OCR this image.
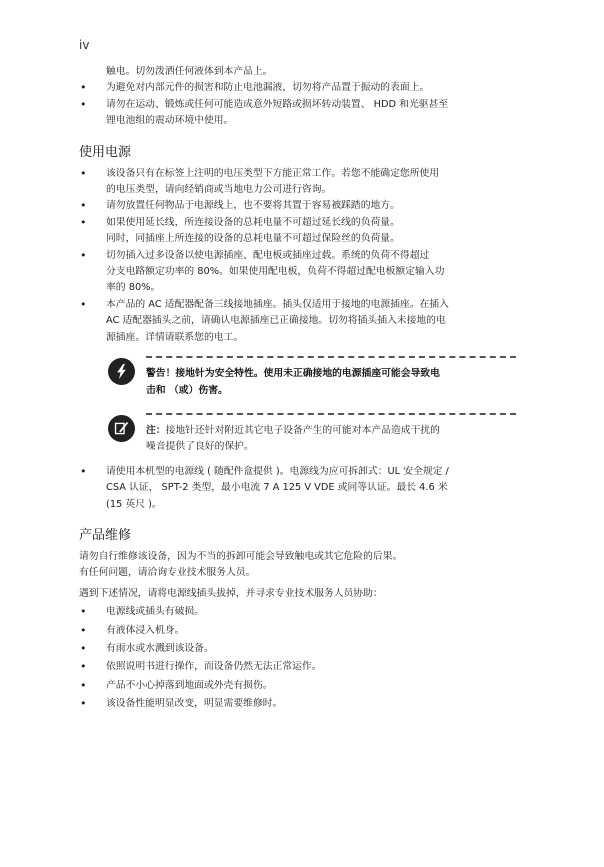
iv
触电。切勿泼洒任何液体到本产品上。
• 为避免对内部元件的损害和防止电池漏液，切勿将产品置于振动的表面上。
• 请勿在运动、锻炼或任何可能造成意外短路或损坏转动装置、 HDD 和光驱甚至
锂电池组的震动环境中使用。
使用电源
• 该设备只有在标签上注明的电压类型下方能正常工作。若您不能确定您所使用
的电压类型，请向经销商或当地电力公司进行咨询。
• 请勿放置任何物品于电源线上，也不要将其置于容易被踩踏的地方。
• 如果使用延长线，所连接设备的总耗电量不可超过延长线的负荷量。
同时，同插座上所连接的设备的总耗电量不可超过保险丝的负荷量。
• 切勿插入过多设备以使电源插座、配电板或插座过载。系统的负荷不得超过
分支电路额定功率的 80%。如果使用配电板，负荷不得超过配电板额定输入功
率的 80%。
• 本产品的 AC 适配器配备三线接地插座。插头仅适用于接地的电源插座。在插入
AC 适配器插头之前，请确认电源插座已正确接地。切勿将插头插入未接地的电
源插座。详情请联系您的电工。
警告！接地针为安全特性。使用未正确接地的电源插座可能会导致电
击和 （或）伤害。
注：接地针还针对附近其它电子设备产生的可能对本产品造成干扰的
噪音提供了良好的保护。
• 请使用本机型的电源线 ( 随配件盒提供 )。电源线为应可拆卸式：UL 安全规定 /
CSA 认证， SPT-2 类型，最小电流 7 A 125 V VDE 或同等认证。最长 4.6 米
(15 英尺 )。
产品维修
请勿自行维修该设备，因为不当的拆卸可能会导致触电或其它危险的后果。
有任何问题，请洽询专业技术服务人员。
遇到下述情况，请将电源线插头拔掉，并寻求专业技术服务人员协助：
• 电源线或插头有破损。
• 有液体浸入机身。
• 有雨水或水溅到该设备。
• 依照说明书进行操作，而设备仍然无法正常运作。
• 产品不小心掉落到地面或外壳有损伤。
• 该设备性能明显改变，明显需要维修时。
